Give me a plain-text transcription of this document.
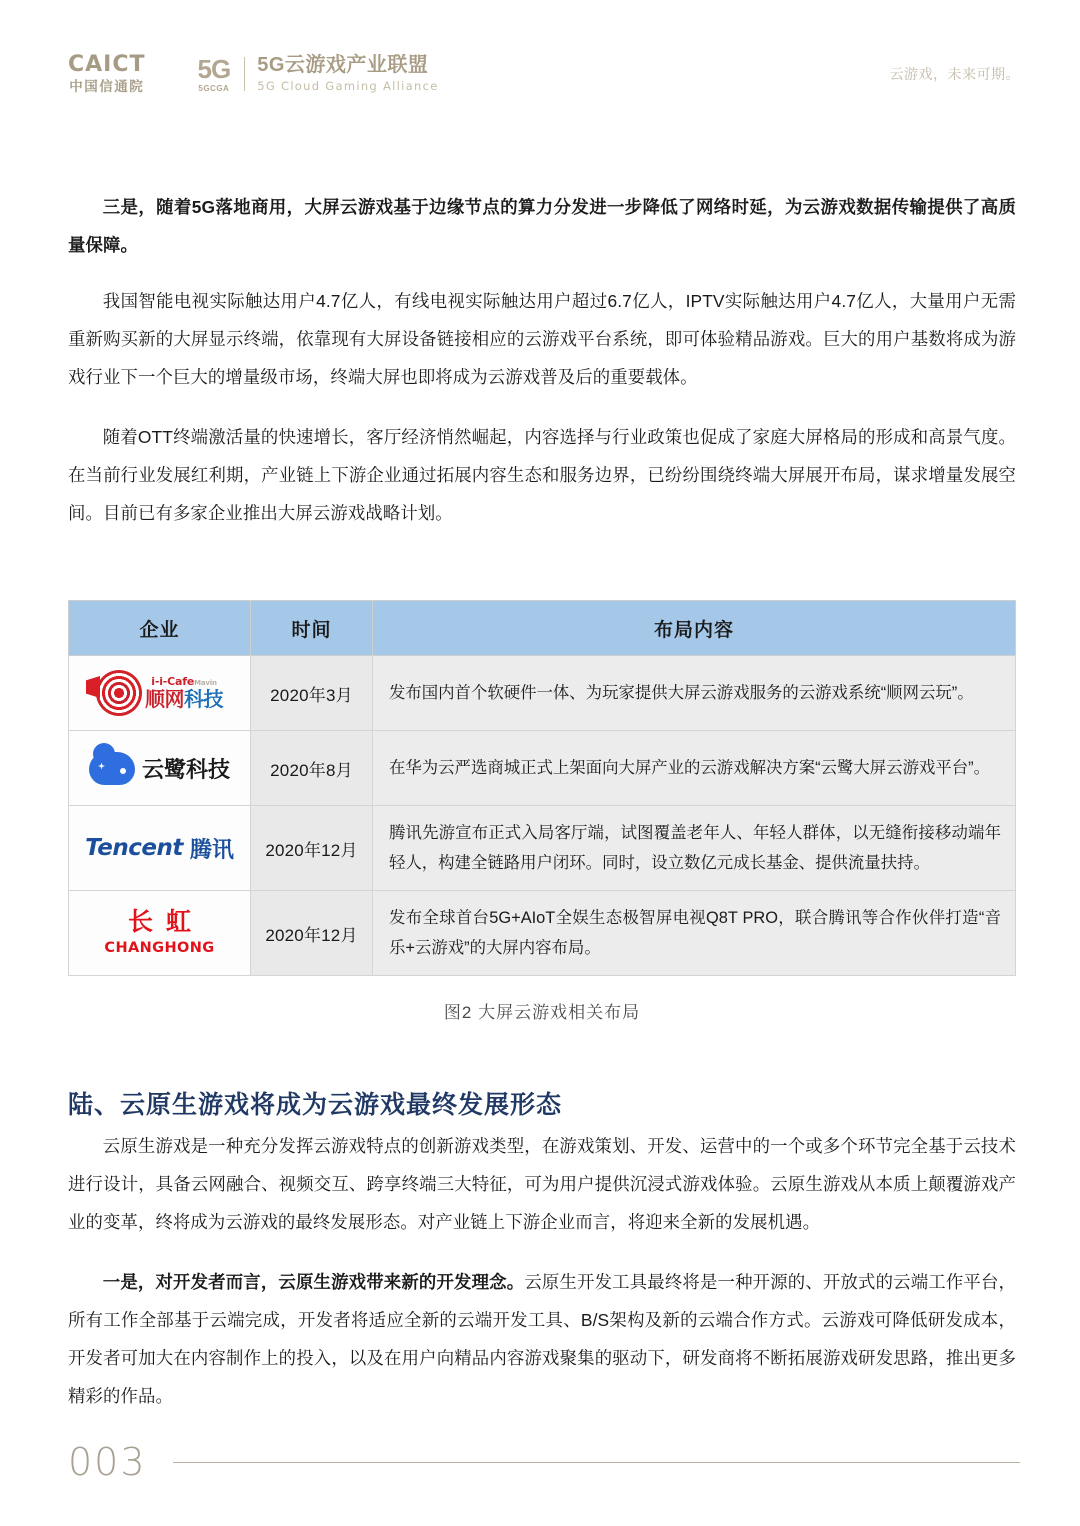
CAICT
中国信通院
5G
5GCGA
5G云游戏产业联盟
5G Cloud Gaming Alliance
云游戏，未来可期。

三是，随着5G落地商用，大屏云游戏基于边缘节点的算力分发进一步降低了网络时延，为云游戏数据传输提供了高质量保障。

我国智能电视实际触达用户4.7亿人，有线电视实际触达用户超过6.7亿人，IPTV实际触达用户4.7亿人，大量用户无需重新购买新的大屏显示终端，依靠现有大屏设备链接相应的云游戏平台系统，即可体验精品游戏。巨大的用户基数将成为游戏行业下一个巨大的增量级市场，终端大屏也即将成为云游戏普及后的重要载体。

随着OTT终端激活量的快速增长，客厅经济悄然崛起，内容选择与行业政策也促成了家庭大屏格局的形成和高景气度。在当前行业发展红利期，产业链上下游企业通过拓展内容生态和服务边界，已纷纷围绕终端大屏展开布局，谋求增量发展空间。目前已有多家企业推出大屏云游戏战略计划。

企业	时间	布局内容

i-i-CafeMavin
顺网科技	2020年3月	发布国内首个软硬件一体、为玩家提供大屏云游戏服务的云游戏系统“顺网云玩”。

云鹭科技	2020年8月	在华为云严选商城正式上架面向大屏产业的云游戏解决方案“云鹭大屏云游戏平台”。

Tencent 腾讯	2020年12月	腾讯先游宣布正式入局客厅端，试图覆盖老年人、年轻人群体，以无缝衔接移动端年轻人，构建全链路用户闭环。同时，设立数亿元成长基金、提供流量扶持。

长虹
CHANGHONG	2020年12月	发布全球首台5G+AIoT全娱生态极智屏电视Q8T PRO，联合腾讯等合作伙伴打造“音乐+云游戏”的大屏内容布局。
图2 大屏云游戏相关布局
陆、云原生游戏将成为云游戏最终发展形态

云原生游戏是一种充分发挥云游戏特点的创新游戏类型，在游戏策划、开发、运营中的一个或多个环节完全基于云技术进行设计，具备云网融合、视频交互、跨享终端三大特征，可为用户提供沉浸式游戏体验。云原生游戏从本质上颠覆游戏产业的变革，终将成为云游戏的最终发展形态。对产业链上下游企业而言，将迎来全新的发展机遇。

一是，对开发者而言，云原生游戏带来新的开发理念。云原生开发工具最终将是一种开源的、开放式的云端工作平台，所有工作全部基于云端完成，开发者将适应全新的云端开发工具、B/S架构及新的云端合作方式。云游戏可降低研发成本，开发者可加大在内容制作上的投入，以及在用户向精品内容游戏聚集的驱动下，研发商将不断拓展游戏研发思路，推出更多精彩的作品。

003
